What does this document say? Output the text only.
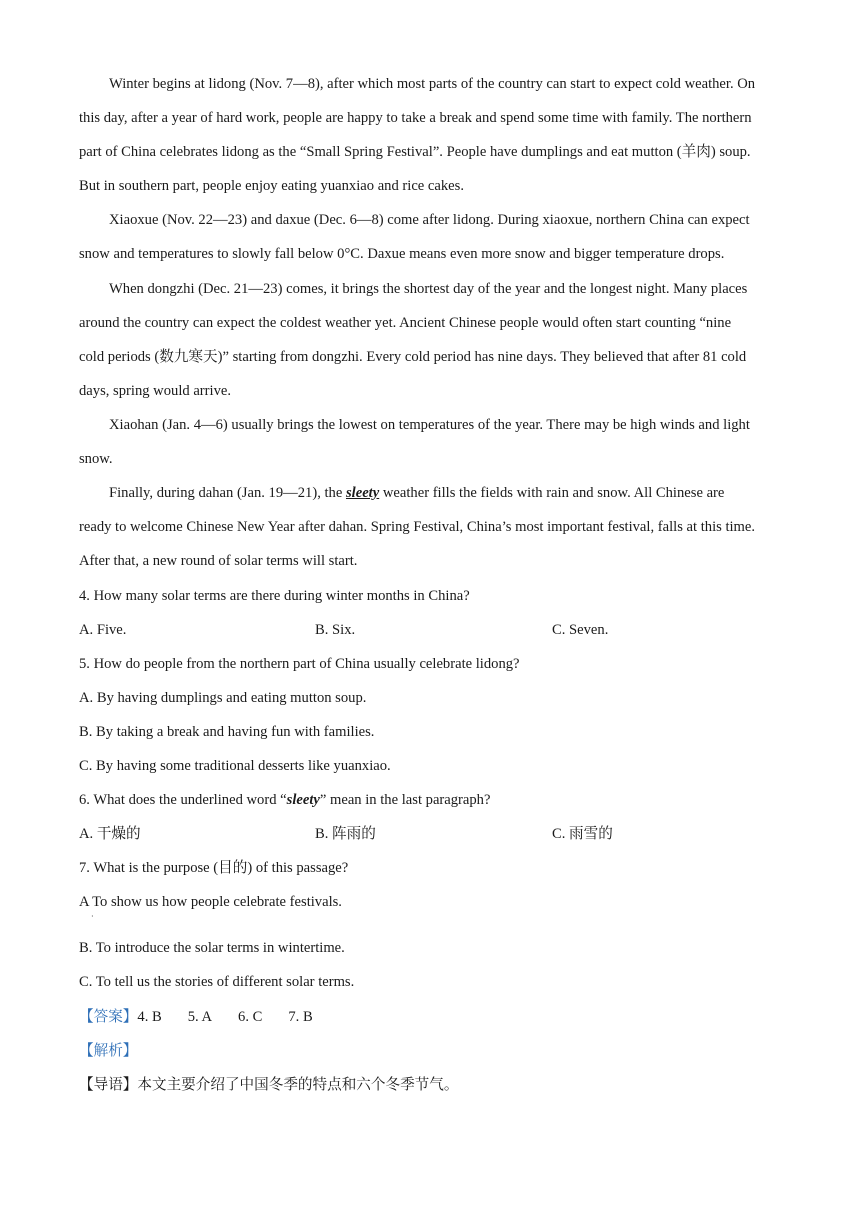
Winter begins at lidong (Nov. 7—8), after which most parts of the country can start to expect cold weather. On
this day, after a year of hard work, people are happy to take a break and spend some time with family. The northern
part of China celebrates lidong as the “Small Spring Festival”. People have dumplings and eat mutton (羊肉) soup.
But in southern part, people enjoy eating yuanxiao and rice cakes.
Xiaoxue (Nov. 22—23) and daxue (Dec. 6—8) come after lidong. During xiaoxue, northern China can expect
snow and temperatures to slowly fall below 0°C. Daxue means even more snow and bigger temperature drops.
When dongzhi (Dec. 21—23) comes, it brings the shortest day of the year and the longest night. Many places
around the country can expect the coldest weather yet. Ancient Chinese people would often start counting “nine
cold periods (数九寒天)” starting from dongzhi. Every cold period has nine days. They believed that after 81 cold
days, spring would arrive.
Xiaohan (Jan. 4—6) usually brings the lowest on temperatures of the year. There may be high winds and light
snow.
Finally, during dahan (Jan. 19—21), the sleety weather fills the fields with rain and snow. All Chinese are
ready to welcome Chinese New Year after dahan. Spring Festival, China’s most important festival, falls at this time.
After that, a new round of solar terms will start.
4. How many solar terms are there during winter months in China?
A. Five.	B. Six.	C. Seven.
5. How do people from the northern part of China usually celebrate lidong?
A. By having dumplings and eating mutton soup.
B. By taking a break and having fun with families.
C. By having some traditional desserts like yuanxiao.
6. What does the underlined word “sleety” mean in the last paragraph?
A. 干燥的	B. 阵雨的	C. 雨雪的
7. What is the purpose (目的) of this passage?
A To show us how people celebrate festivals.
·
B. To introduce the solar terms in wintertime.
C. To tell us the stories of different solar terms.
【答案】4. B 5. A 6. C 7. B
【解析】
【导语】本文主要介绍了中国冬季的特点和六个冬季节气。
